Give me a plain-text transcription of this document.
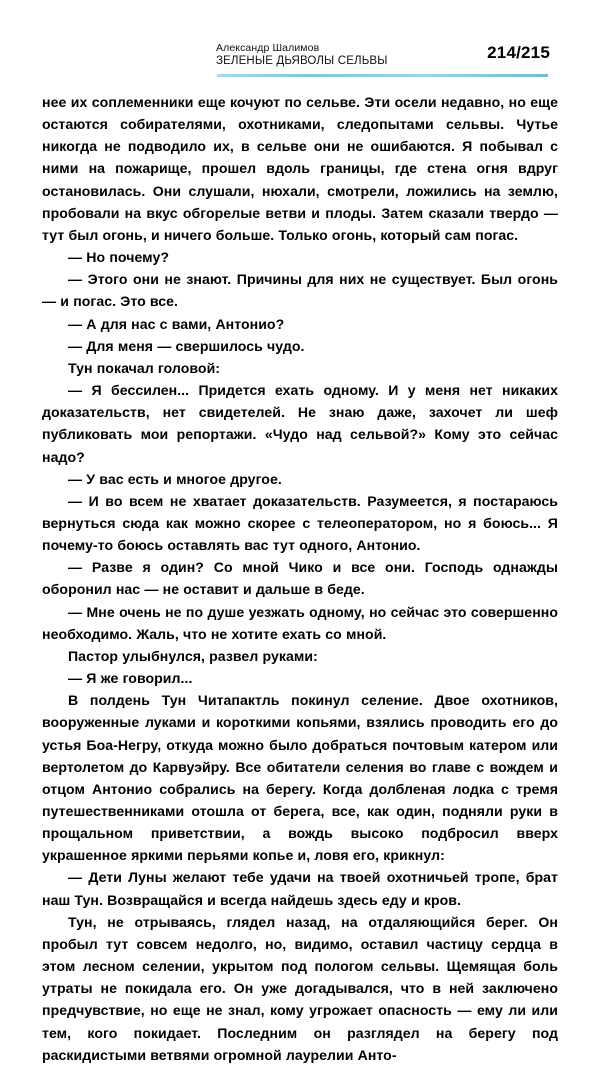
Александр Шалимов
ЗЕЛЕНЫЕ ДЬЯВОЛЫ СЕЛЬВЫ	214/215

нее их соплеменники еще кочуют по сельве. Эти осели недавно, но еще остаются собирателями, охотниками, следопытами сельвы. Чутье никогда не подводило их, в сельве они не ошибаются. Я побывал с ними на пожарище, прошел вдоль границы, где стена огня вдруг остановилась. Они слушали, нюхали, смотрели, ложились на землю, пробовали на вкус обгорелые ветви и плоды. Затем сказали твердо — тут был огонь, и ничего больше. Только огонь, который сам погас.

— Но почему?

— Этого они не знают. Причины для них не существует. Был огонь — и погас. Это все.

— А для нас с вами, Антонио?

— Для меня — свершилось чудо.

Тун покачал головой:

— Я бессилен... Придется ехать одному. И у меня нет никаких доказательств, нет свидетелей. Не знаю даже, захочет ли шеф публиковать мои репортажи. «Чудо над сельвой?» Кому это сейчас надо?

— У вас есть и многое другое.

— И во всем не хватает доказательств. Разумеется, я постараюсь вернуться сюда как можно скорее с телеоператором, но я боюсь... Я почему-то боюсь оставлять вас тут одного, Антонио.

— Разве я один? Со мной Чико и все они. Господь однажды оборонил нас — не оставит и дальше в беде.

— Мне очень не по душе уезжать одному, но сейчас это совершенно необходимо. Жаль, что не хотите ехать со мной.

Пастор улыбнулся, развел руками:

— Я же говорил...

В полдень Тун Читапактль покинул селение. Двое охотников, вооруженные луками и короткими копьями, взялись проводить его до устья Боа-Негру, откуда можно было добраться почтовым катером или вертолетом до Карвуэйру. Все обитатели селения во главе с вождем и отцом Антонио собрались на берегу. Когда долбленая лодка с тремя путешественниками отошла от берега, все, как один, подняли руки в прощальном приветствии, а вождь высоко подбросил вверх украшенное яркими перьями копье и, ловя его, крикнул:

— Дети Луны желают тебе удачи на твоей охотничьей тропе, брат наш Тун. Возвращайся и всегда найдешь здесь еду и кров.

Тун, не отрываясь, глядел назад, на отдаляющийся берег. Он пробыл тут совсем недолго, но, видимо, оставил частицу сердца в этом лесном селении, укрытом под пологом сельвы. Щемящая боль утраты не покидала его. Он уже догадывался, что в ней заключено предчувствие, но еще не знал, кому угрожает опасность — ему ли или тем, кого покидает. Последним он разглядел на берегу под раскидистыми ветвями огромной лаурелии Анто-
